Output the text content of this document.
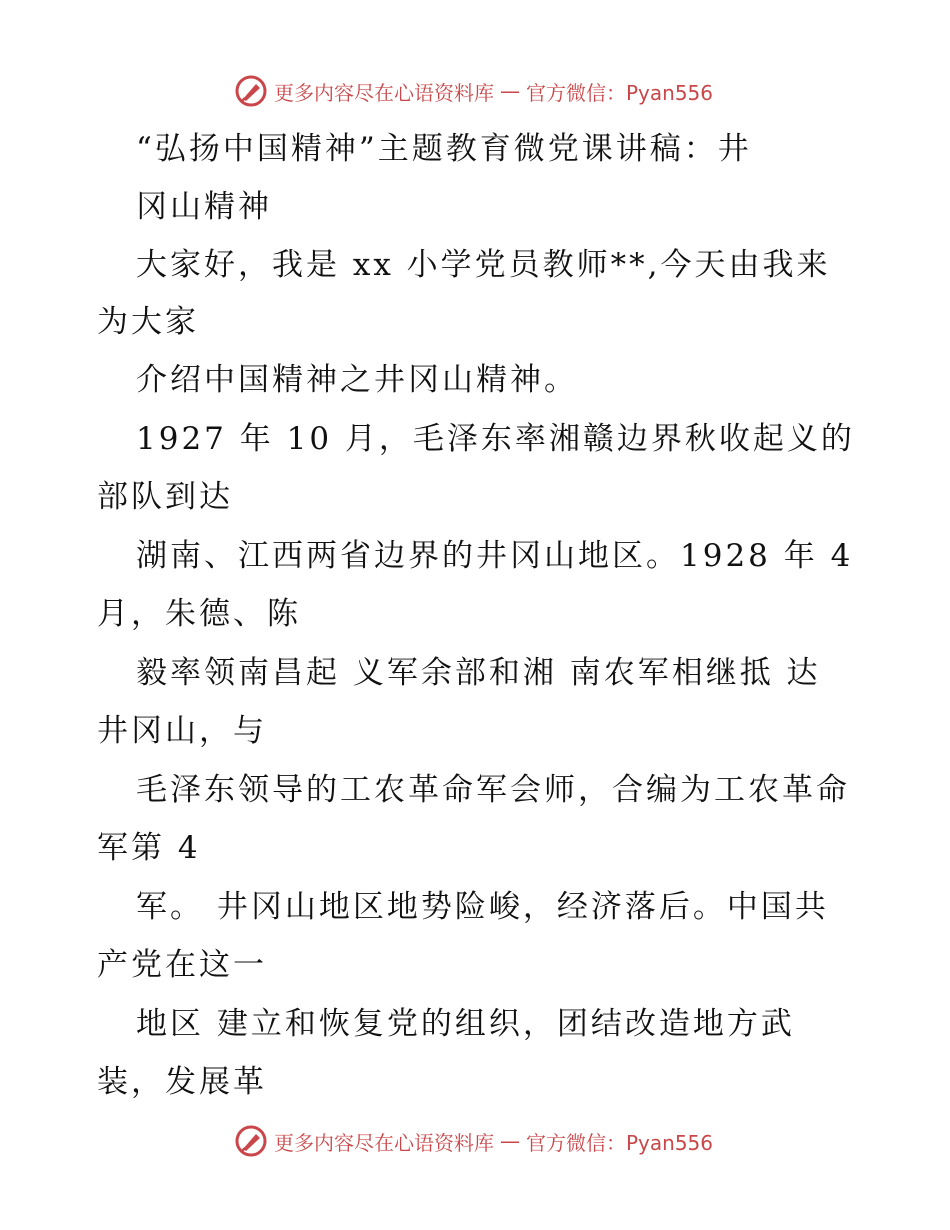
更多内容尽在心语资料库 — 官方微信：Pyan556
“弘扬中国精神”主题教育微党课讲稿：井
冈山精神
大家好，我是 xx 小学党员教师**,今天由我来
为大家
介绍中国精神之井冈山精神。
1927 年 10 月，毛泽东率湘赣边界秋收起义的
部队到达
湖南、江西两省边界的井冈山地区。1928 年 4
月，朱德、陈
毅率领南昌起 义军余部和湘 南农军相继抵 达
井冈山，与
毛泽东领导的工农革命军会师，合编为工农革命
军第 4
军。 井冈山地区地势险峻，经济落后。中国共
产党在这一
地区 建立和恢复党的组织，团结改造地方武
装，发展革
更多内容尽在心语资料库 — 官方微信：Pyan556
